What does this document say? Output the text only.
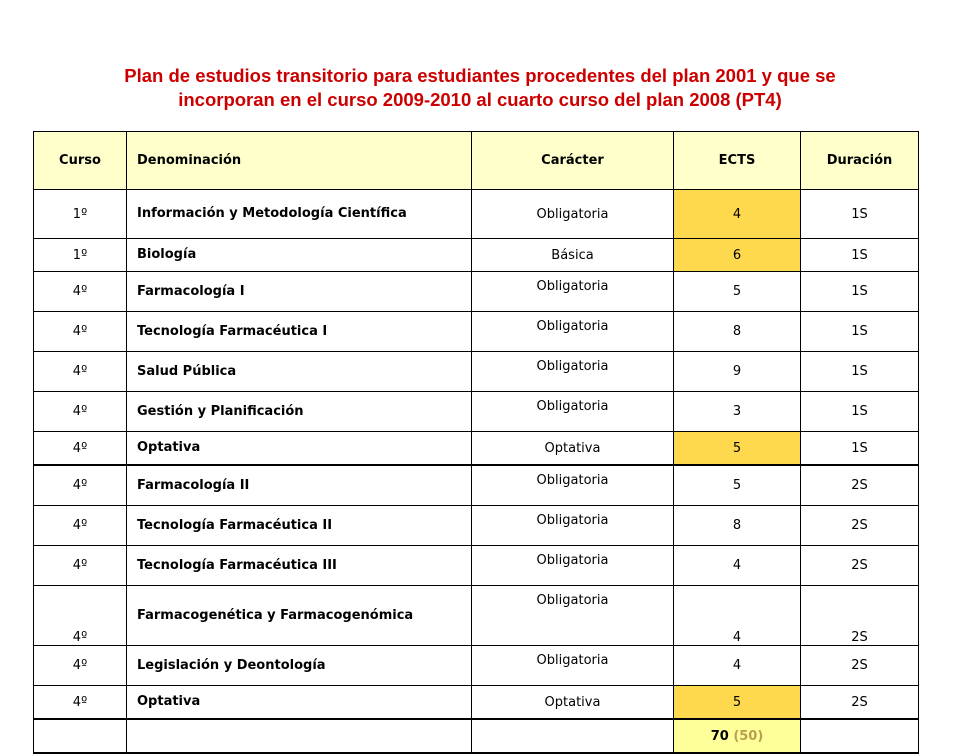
Plan de estudios transitorio para estudiantes procedentes del plan 2001 y que se
incorporan en el curso 2009-2010 al cuarto curso del plan 2008 (PT4)
Curso	Denominación	Carácter	ECTS	Duración
1º	Información y Metodología Científica	Obligatoria	4	1S
1º	Biología	Básica	6	1S
4º	Farmacología I	Obligatoria	5	1S
4º	Tecnología Farmacéutica I	Obligatoria	8	1S
4º	Salud Pública	Obligatoria	9	1S
4º	Gestión y Planificación	Obligatoria	3	1S
4º	Optativa	Optativa	5	1S
4º	Farmacología II	Obligatoria	5	2S
4º	Tecnología Farmacéutica II	Obligatoria	8	2S
4º	Tecnología Farmacéutica III	Obligatoria	4	2S
4º	Farmacogenética y Farmacogenómica	Obligatoria	4	2S
4º	Legislación y Deontología	Obligatoria	4	2S
4º	Optativa	Optativa	5	2S
			70 (50)	
